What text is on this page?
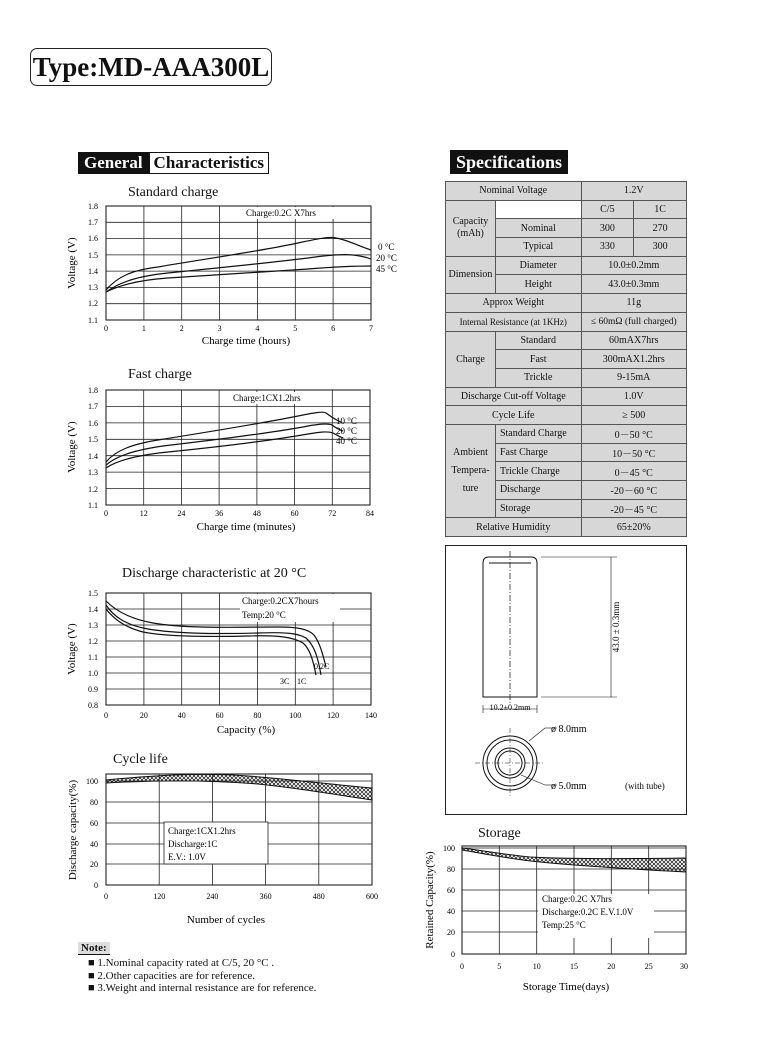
Type:MD-AAA300L
General Characteristics	Specifications
Standard charge
Charge:0.2C X7hrs
0 °C
20 °C
45 °C
1.8
1.7
1.6
1.5
1.4
1.3
1.2
1.1
0	1	2	3	4	5	6	7
Charge time (hours)
Voltage (V)
Fast charge
Charge:1CX1.2hrs
10 °C
20 °C
40 °C
1.8
1.7
1.6
1.5
1.4
1.3
1.2
1.1
0	12	24	36	48	60	72	84
Charge time (minutes)
Voltage (V)
Discharge characteristic at 20 °C
Charge:0.2CX7hours
Temp:20 °C
0.2C
3C 1C
1.5
1.4
1.3
1.2
1.1
1.0
0.9
0.8
0	20	40	60	80	100	120	140
Capacity (%)
Voltage (V)
Cycle life
Charge:1CX1.2hrs
Discharge:1C
E.V.: 1.0V
100
80
60
40
20
0
0	120	240	360	480	600
Number of cycles
Discharge capacity(%)
Note:
■ 1.Nominal capacity rated at C/5, 20 °C .
■ 2.Other capacities are for reference.
■ 3.Weight and internal resistance are for reference.
Nominal Voltage		1.2V	
Capacity (mAh)		C/5	1C
	Nominal	300	270
	Typical	330	300
Dimension	Diameter	10.0±0.2mm	
	Height	43.0±0.3mm	
Approx Weight		11g	
Internal Resistance (at 1KHz)		≤ 60mΩ (full charged)	
Charge	Standard	60mAX7hrs	
	Fast	300mAX1.2hrs	
	Trickle	9-15mA	
Discharge Cut-off Voltage		1.0V	
Cycle Life		≥ 500	
Ambient Tempera- ture	Standard Charge	0－50 °C	
	Fast Charge	10－50 °C	
	Trickle Charge	0－45 °C	
	Discharge	-20－60 °C	
	Storage	-20－45 °C	
Relative Humidity		65±20%	
10.2±0.2mm
43.0 ± 0.3mm
ø 8.0mm
ø 5.0mm	(with tube)
Storage
Charge:0.2C X7hrs
Discharge:0.2C E.V.1.0V
Temp:25 °C
100
80
60
40
20
0
0	5	10	15	20	25	30
Storage Time(days)
Retained Capacity(%)
